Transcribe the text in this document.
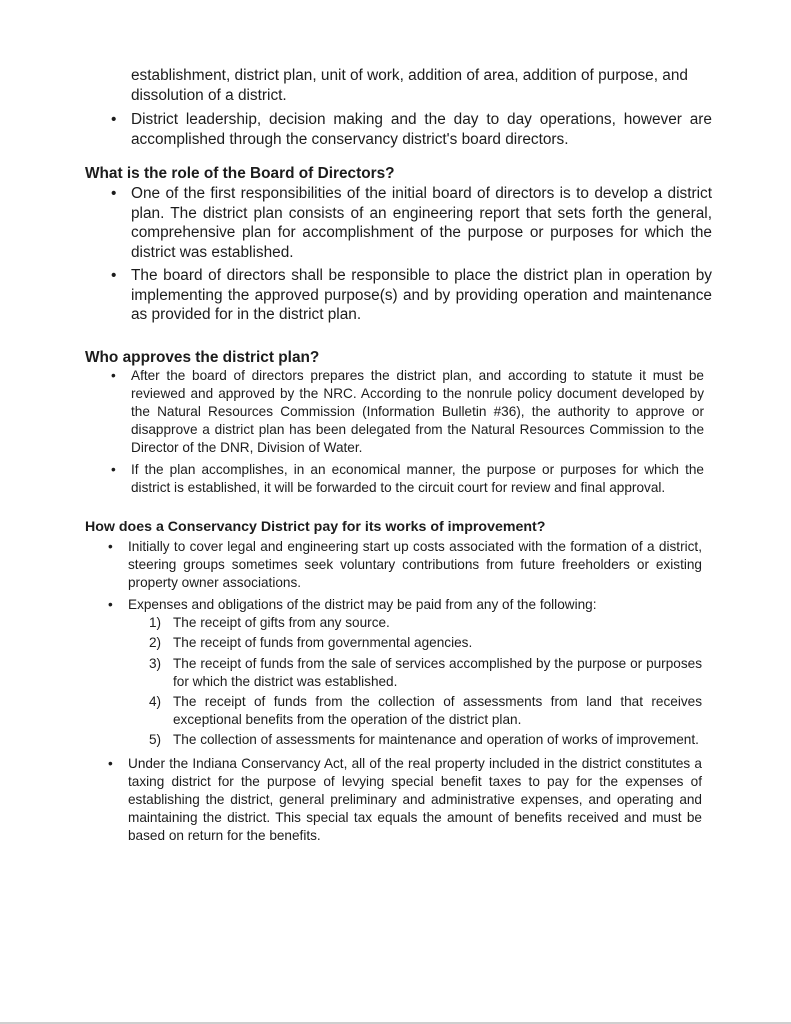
establishment, district plan, unit of work, addition of area, addition of purpose, and dissolution of a district.

• District leadership, decision making and the day to day operations, however are accomplished through the conservancy district's board directors.

What is the role of the Board of Directors?

• One of the first responsibilities of the initial board of directors is to develop a district plan. The district plan consists of an engineering report that sets forth the general, comprehensive plan for accomplishment of the purpose or purposes for which the district was established.

• The board of directors shall be responsible to place the district plan in operation by implementing the approved purpose(s) and by providing operation and maintenance as provided for in the district plan.

Who approves the district plan?

• After the board of directors prepares the district plan, and according to statute it must be reviewed and approved by the NRC. According to the nonrule policy document developed by the Natural Resources Commission (Information Bulletin #36), the authority to approve or disapprove a district plan has been delegated from the Natural Resources Commission to the Director of the DNR, Division of Water.

• If the plan accomplishes, in an economical manner, the purpose or purposes for which the district is established, it will be forwarded to the circuit court for review and final approval.

How does a Conservancy District pay for its works of improvement?

• Initially to cover legal and engineering start up costs associated with the formation of a district, steering groups sometimes seek voluntary contributions from future freeholders or existing property owner associations.

• Expenses and obligations of the district may be paid from any of the following:

1) The receipt of gifts from any source.

2) The receipt of funds from governmental agencies.

3) The receipt of funds from the sale of services accomplished by the purpose or purposes for which the district was established.

4) The receipt of funds from the collection of assessments from land that receives exceptional benefits from the operation of the district plan.

5) The collection of assessments for maintenance and operation of works of improvement.

• Under the Indiana Conservancy Act, all of the real property included in the district constitutes a taxing district for the purpose of levying special benefit taxes to pay for the expenses of establishing the district, general preliminary and administrative expenses, and operating and maintaining the district. This special tax equals the amount of benefits received and must be based on return for the benefits.
